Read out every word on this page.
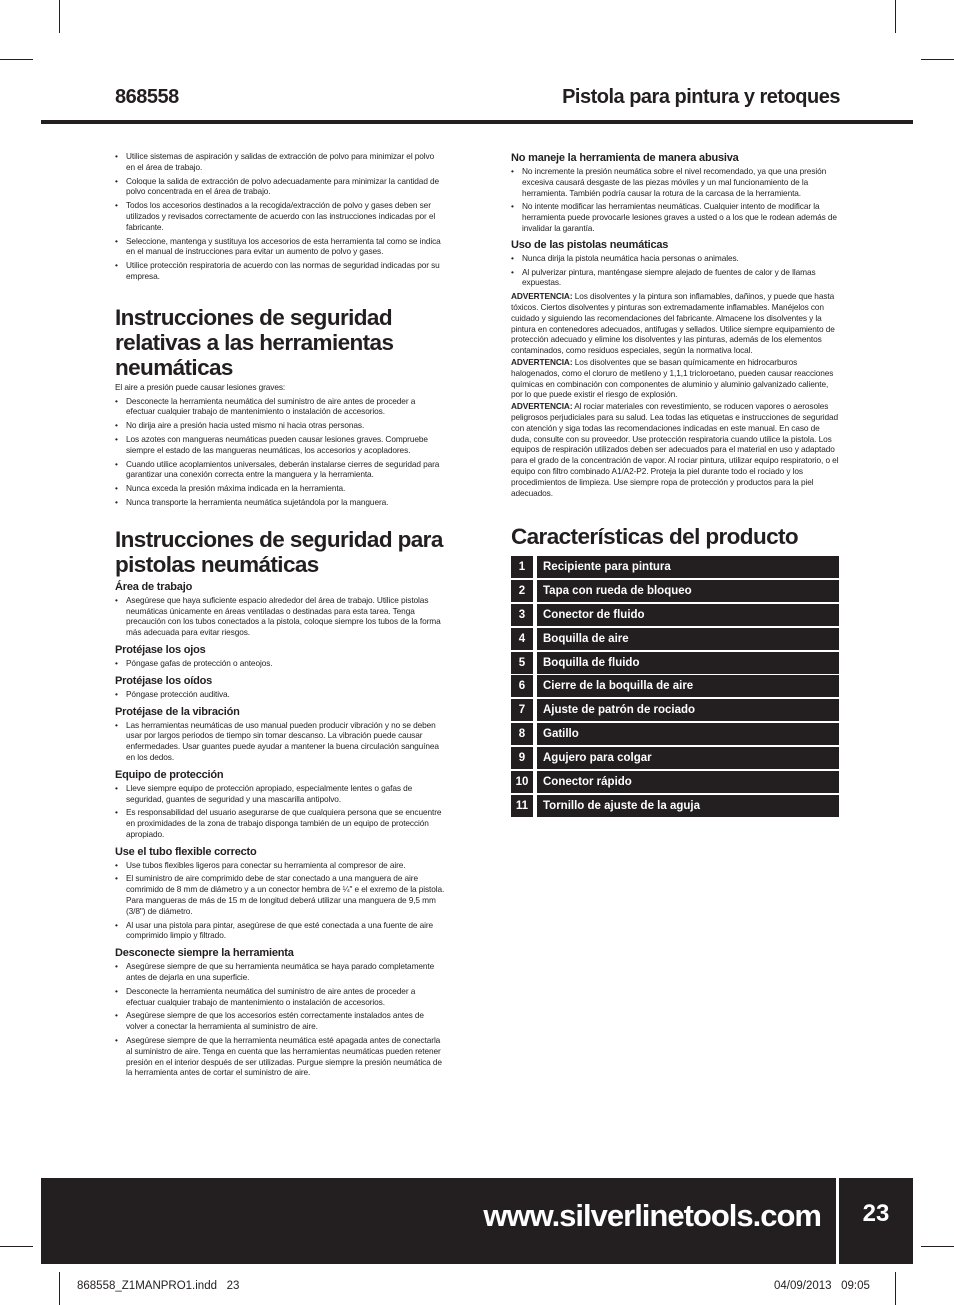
868558	Pistola para pintura y retoques
• Utilice sistemas de aspiración y salidas de extracción de polvo para minimizar el polvo en el área de trabajo.
• Coloque la salida de extracción de polvo adecuadamente para minimizar la cantidad de polvo concentrada en el área de trabajo.
• Todos los accesorios destinados a la recogida/extracción de polvo y gases deben ser utilizados y revisados correctamente de acuerdo con las instrucciones indicadas por el fabricante.
• Seleccione, mantenga y sustituya los accesorios de esta herramienta tal como se indica en el manual de instrucciones para evitar un aumento de polvo y gases.
• Utilice protección respiratoria de acuerdo con las normas de seguridad indicadas por su empresa.
Instrucciones de seguridad relativas a las herramientas neumáticas

El aire a presión puede causar lesiones graves:

• Desconecte la herramienta neumática del suministro de aire antes de proceder a efectuar cualquier trabajo de mantenimiento o instalación de accesorios.
• No dirija aire a presión hacia usted mismo ni hacia otras personas.
• Los azotes con mangueras neumáticas pueden causar lesiones graves. Compruebe siempre el estado de las mangueras neumáticas, los accesorios y acopladores.
• Cuando utilice acoplamientos universales, deberán instalarse cierres de seguridad para garantizar una conexión correcta entre la manguera y la herramienta.
• Nunca exceda la presión máxima indicada en la herramienta.
• Nunca transporte la herramienta neumática sujetándola por la manguera.
Instrucciones de seguridad para pistolas neumáticas
Área de trabajo
• Asegúrese que haya suficiente espacio alrededor del área de trabajo. Utilice pistolas neumáticas únicamente en áreas ventiladas o destinadas para esta tarea. Tenga precaución con los tubos conectados a la pistola, coloque siempre los tubos de la forma más adecuada para evitar riesgos.
Protéjase los ojos
• Póngase gafas de protección o anteojos.
Protéjase los oídos
• Póngase protección auditiva.
Protéjase de la vibración
• Las herramientas neumáticas de uso manual pueden producir vibración y no se deben usar por largos periodos de tiempo sin tomar descanso. La vibración puede causar enfermedades. Usar guantes puede ayudar a mantener la buena circulación sanguínea en los dedos.
Equipo de protección
• Lleve siempre equipo de protección apropiado, especialmente lentes o gafas de seguridad, guantes de seguridad y una mascarilla antipolvo.
• Es responsabilidad del usuario asegurarse de que cualquiera persona que se encuentre en proximidades de la zona de trabajo disponga también de un equipo de protección apropiado.
Use el tubo flexible correcto
• Use tubos flexibles ligeros para conectar su herramienta al compresor de aire.
• El suministro de aire comprimido debe de star conectado a una manguera de aire comrimido de 8 mm de diámetro y a un conector hembra de ¼" e el exremo de la pistola. Para mangueras de más de 15 m de longitud deberá utilizar una manguera de 9,5 mm (3/8") de diámetro.
• Al usar una pistola para pintar, asegúrese de que esté conectada a una fuente de aire comprimido limpio y filtrado.
Desconecte siempre la herramienta
• Asegúrese siempre de que su herramienta neumática se haya parado completamente antes de dejarla en una superficie.
• Desconecte la herramienta neumática del suministro de aire antes de proceder a efectuar cualquier trabajo de mantenimiento o instalación de accesorios.
• Asegúrese siempre de que los accesorios estén correctamente instalados antes de volver a conectar la herramienta al suministro de aire.
• Asegúrese siempre de que la herramienta neumática esté apagada antes de conectarla al suministro de aire. Tenga en cuenta que las herramientas neumáticas pueden retener presión en el interior después de ser utilizadas. Purgue siempre la presión neumática de la herramienta antes de cortar el suministro de aire.
No maneje la herramienta de manera abusiva
• No incremente la presión neumática sobre el nivel recomendado, ya que una presión excesiva causará desgaste de las piezas móviles y un mal funcionamiento de la herramienta. También podría causar la rotura de la carcasa de la herramienta.
• No intente modificar las herramientas neumáticas. Cualquier intento de modificar la herramienta puede provocarle lesiones graves a usted o a los que le rodean además de invalidar la garantía.
Uso de las pistolas neumáticas
• Nunca dirija la pistola neumática hacia personas o animales.
• Al pulverizar pintura, manténgase siempre alejado de fuentes de calor y de llamas expuestas.

ADVERTENCIA: Los disolventes y la pintura son inflamables, dañinos, y puede que hasta tóxicos. Ciertos disolventes y pinturas son extremadamente inflamables. Manéjelos con cuidado y siguiendo las recomendaciones del fabricante. Almacene los disolventes y la pintura en contenedores adecuados, antifugas y sellados. Utilice siempre equipamiento de protección adecuado y elimine los disolventes y las pinturas, además de los elementos contaminados, como residuos especiales, según la normativa local.

ADVERTENCIA: Los disolventes que se basan químicamente en hidrocarburos halogenados, como el cloruro de metileno y 1,1,1 tricloroetano, pueden causar reacciones químicas en combinación con componentes de aluminio y aluminio galvanizado caliente, por lo que puede existir el riesgo de explosión.

ADVERTENCIA: Al rociar materiales con revestimiento, se roducen vapores o aerosoles peligrosos perjudiciales para su salud. Lea todas las etiquetas e instrucciones de seguridad con atención y siga todas las recomendaciones indicadas en este manual. En caso de duda, consulte con su proveedor. Use protección respiratoria cuando utilice la pistola. Los equipos de respiración utilizados deben ser adecuados para el material en uso y adaptado para el grado de la concentración de vapor. Al rociar pintura, utilizar equipo respiratorio, o el equipo con filtro combinado A1/A2-P2. Proteja la piel durante todo el rociado y los procedimientos de limpieza. Use siempre ropa de protección y productos para la piel adecuados.

Características del producto
1	Recipiente para pintura
2	Tapa con rueda de bloqueo
3	Conector de fluido
4	Boquilla de aire
5	Boquilla de fluido
6	Cierre de la boquilla de aire
7	Ajuste de patrón de rociado
8	Gatillo
9	Agujero para colgar
10	Conector rápido
11	Tornillo de ajuste de la aguja
www.silverlinetools.com	23
868558_Z1MANPRO1.indd   23	04/09/2013   09:05
